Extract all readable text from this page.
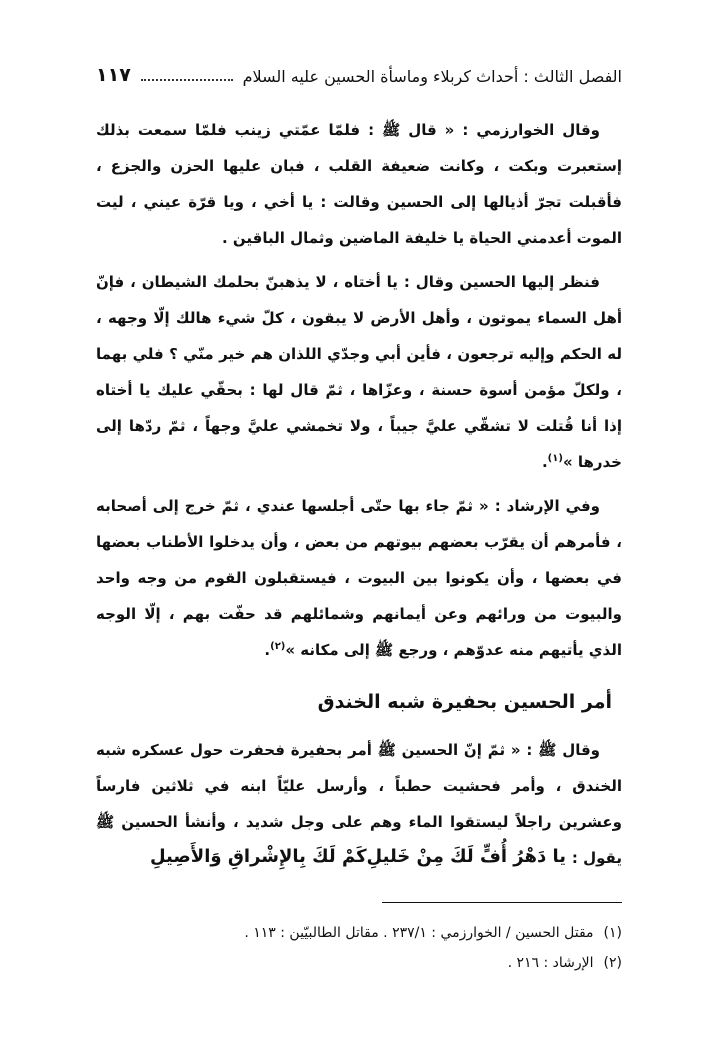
الفصل الثالث : أحداث كربلاء وماسأة الحسين عليه السلام
١١٧

وقال الخوارزمي : « قال ﷺ : فلمّا عمّتي زينب فلمّا سمعت بذلك إستعبرت وبكت ، وكانت ضعيفة القلب ، فبان عليها الحزن والجزع ، فأقبلت تجرّ أذيالها إلى الحسين وقالت : يا أخي ، ويا قرّة عيني ، ليت الموت أعدمني الحياة يا خليفة الماضين وثمال الباقين .

فنظر إليها الحسين وقال : يا أختاه ، لا يذهبنّ بحلمك الشيطان ، فإنّ أهل السماء يموتون ، وأهل الأرض لا يبقون ، كلّ شيء هالك إلّا وجهه ، له الحكم وإليه ترجعون ، فأين أبي وجدّي اللذان هم خير منّي ؟ فلي بهما ، ولكلّ مؤمن أسوة حسنة ، وعزّاها ، ثمّ قال لها : بحقّي عليك يا أختاه إذا أنا قُتلت لا تشقّي عليَّ جيباً ، ولا تخمشي عليَّ وجهاً ، ثمّ ردّها إلى خدرها »$^{(١)}$.

وفي الإرشاد : « ثمّ جاء بها حتّى أجلسها عندي ، ثمّ خرج إلى أصحابه ، فأمرهم أن يقرّب بعضهم بيوتهم من بعض ، وأن يدخلوا الأطناب بعضها في بعضها ، وأن يكونوا بين البيوت ، فيستقبلون القوم من وجه واحد والبيوت من ورائهم وعن أيمانهم وشمائلهم قد حفّت بهم ، إلّا الوجه الذي يأتيهم منه عدوّهم ، ورجع ﷺ إلى مكانه »$^{(٢)}$.

أمر الحسين بحفيرة شبه الخندق

وقال ﷺ : « ثمّ إنّ الحسين ﷺ أمر بحفيرة فحفرت حول عسكره شبه الخندق ، وأمر فحشيت حطباً ، وأرسل عليّاً ابنه في ثلاثين فارساً وعشرين راجلاً ليستقوا الماء وهم على وجل شديد ، وأنشأ الحسين ﷺ يقول :

يا دَهْرُ أُفٍّ لَكَ مِنْ خَليلِ
كَمْ لَكَ بِالإِشْراقِ وَالأَصِيلِ
(١)
مقتل الحسين / الخوارزمي : ٢٣٧/١ . مقاتل الطالبيّين : ١١٣ .
(٢)
الإرشاد : ٢١٦ .
